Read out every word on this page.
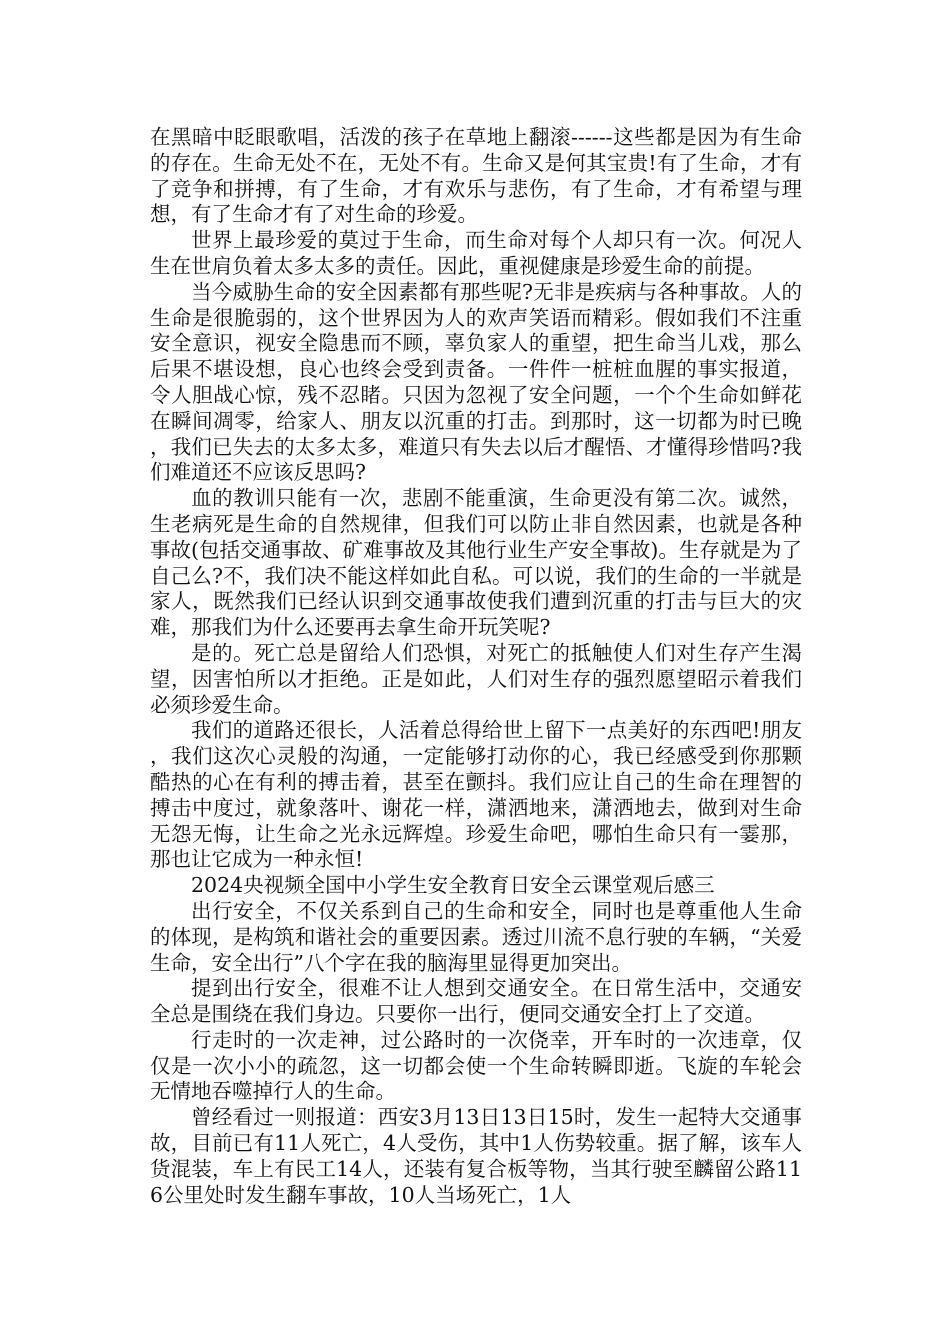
在黑暗中眨眼歌唱，活泼的孩子在草地上翻滚------这些都是因为有生命的存在。生命无处不在，无处不有。生命又是何其宝贵!有了生命，才有了竞争和拼搏，有了生命，才有欢乐与悲伤，有了生命，才有希望与理想，有了生命才有了对生命的珍爱。

世界上最珍爱的莫过于生命，而生命对每个人却只有一次。何况人生在世肩负着太多太多的责任。因此，重视健康是珍爱生命的前提。

当今威胁生命的安全因素都有那些呢?无非是疾病与各种事故。人的生命是很脆弱的，这个世界因为人的欢声笑语而精彩。假如我们不注重安全意识，视安全隐患而不顾，辜负家人的重望，把生命当儿戏，那么后果不堪设想，良心也终会受到责备。一件件一桩桩血腥的事实报道，令人胆战心惊，残不忍睹。只因为忽视了安全问题，一个个生命如鲜花在瞬间凋零，给家人、朋友以沉重的打击。到那时，这一切都为时已晚，我们已失去的太多太多，难道只有失去以后才醒悟、才懂得珍惜吗?我们难道还不应该反思吗?

血的教训只能有一次，悲剧不能重演，生命更没有第二次。诚然，生老病死是生命的自然规律，但我们可以防止非自然因素，也就是各种事故(包括交通事故、矿难事故及其他行业生产安全事故)。生存就是为了自己么?不，我们决不能这样如此自私。可以说，我们的生命的一半就是家人，既然我们已经认识到交通事故使我们遭到沉重的打击与巨大的灾难，那我们为什么还要再去拿生命开玩笑呢?

是的。死亡总是留给人们恐惧，对死亡的抵触使人们对生存产生渴望，因害怕所以才拒绝。正是如此，人们对生存的强烈愿望昭示着我们必须珍爱生命。

我们的道路还很长，人活着总得给世上留下一点美好的东西吧!朋友，我们这次心灵般的沟通，一定能够打动你的心，我已经感受到你那颗酷热的心在有利的搏击着，甚至在颤抖。我们应让自己的生命在理智的搏击中度过，就象落叶、谢花一样，潇洒地来，潇洒地去，做到对生命无怨无悔，让生命之光永远辉煌。珍爱生命吧，哪怕生命只有一霎那，那也让它成为一种永恒!

2024央视频全国中小学生安全教育日安全云课堂观后感三

出行安全，不仅关系到自己的生命和安全，同时也是尊重他人生命的体现，是构筑和谐社会的重要因素。透过川流不息行驶的车辆，“关爱生命，安全出行”八个字在我的脑海里显得更加突出。

提到出行安全，很难不让人想到交通安全。在日常生活中，交通安全总是围绕在我们身边。只要你一出行，便同交通安全打上了交道。

行走时的一次走神，过公路时的一次侥幸，开车时的一次违章，仅仅是一次小小的疏忽，这一切都会使一个生命转瞬即逝。飞旋的车轮会无情地吞噬掉行人的生命。

曾经看过一则报道：西安3月13日13日15时，发生一起特大交通事故，目前已有11人死亡，4人受伤，其中1人伤势较重。据了解，该车人货混装，车上有民工14人，还装有复合板等物，当其行驶至麟留公路116公里处时发生翻车事故，10人当场死亡，1人
